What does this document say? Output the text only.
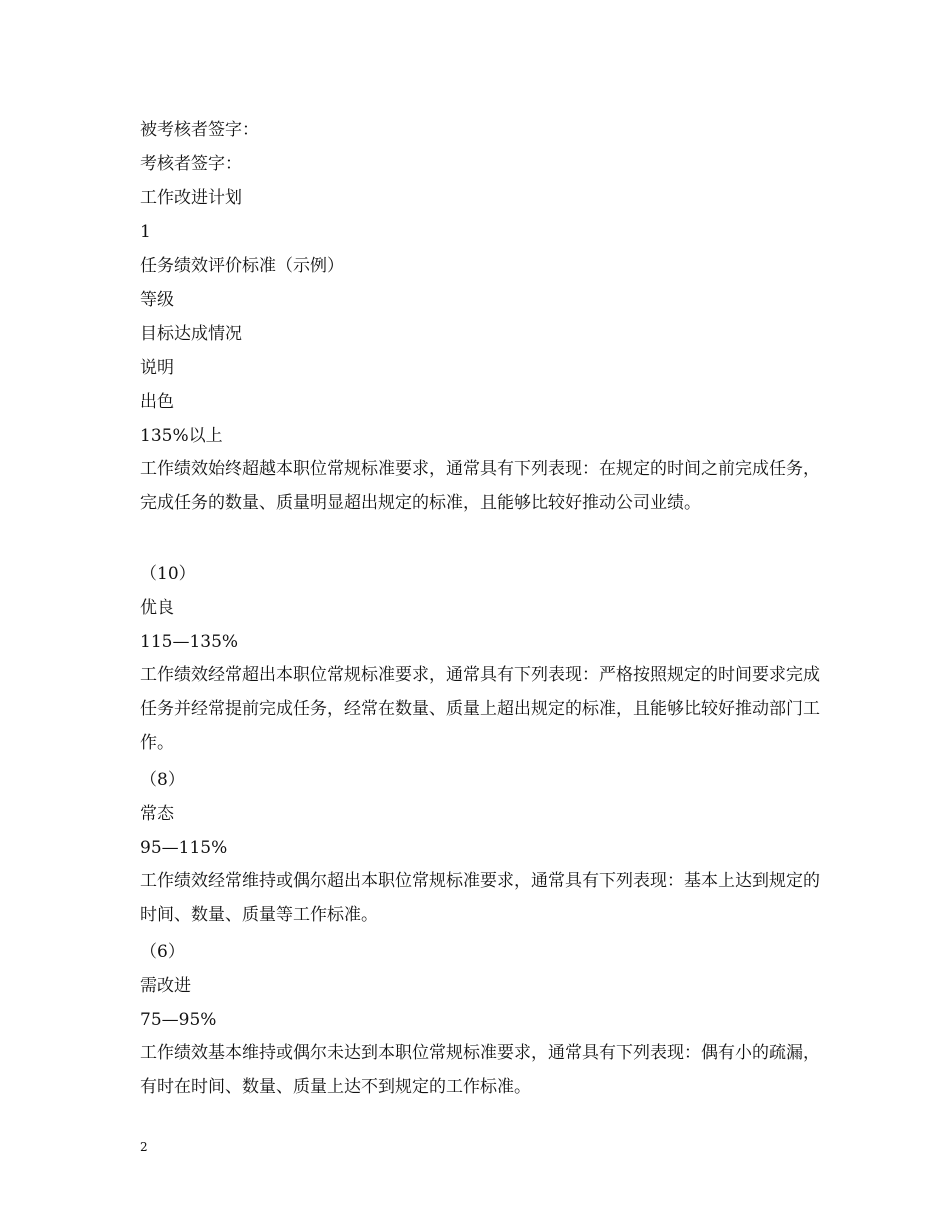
被考核者签字：
考核者签字：
工作改进计划
1
任务绩效评价标准（示例）
等级
目标达成情况
说明
出色
135%以上
工作绩效始终超越本职位常规标准要求，通常具有下列表现：在规定的时间之前完成任务，完成任务的数量、质量明显超出规定的标准，且能够比较好推动公司业绩。
（10）
优良
115—135%
工作绩效经常超出本职位常规标准要求，通常具有下列表现：严格按照规定的时间要求完成任务并经常提前完成任务，经常在数量、质量上超出规定的标准，且能够比较好推动部门工作。
（8）
常态
95—115%
工作绩效经常维持或偶尔超出本职位常规标准要求，通常具有下列表现：基本上达到规定的时间、数量、质量等工作标准。
（6）
需改进
75—95%
工作绩效基本维持或偶尔未达到本职位常规标准要求，通常具有下列表现：偶有小的疏漏，有时在时间、数量、质量上达不到规定的工作标准。
2
